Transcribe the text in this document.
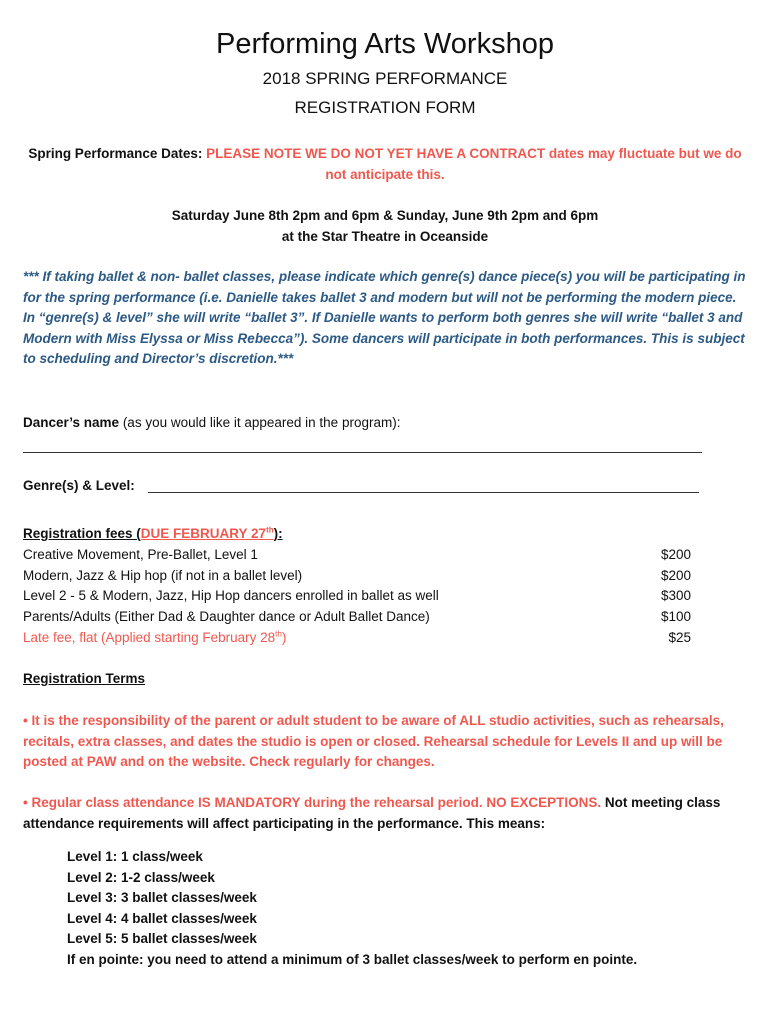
Performing Arts Workshop
2018 SPRING PERFORMANCE
REGISTRATION FORM
Spring Performance Dates: PLEASE NOTE WE DO NOT YET HAVE A CONTRACT dates may fluctuate but we do not anticipate this.
Saturday June 8th 2pm and 6pm & Sunday, June 9th 2pm and 6pm
at the Star Theatre in Oceanside
*** If taking ballet & non- ballet classes, please indicate which genre(s) dance piece(s) you will be participating in for the spring performance (i.e. Danielle takes ballet 3 and modern but will not be performing the modern piece. In “genre(s) & level” she will write “ballet 3”. If Danielle wants to perform both genres she will write “ballet 3 and Modern with Miss Elyssa or Miss Rebecca”). Some dancers will participate in both performances. This is subject to scheduling and Director’s discretion.***
Dancer’s name (as you would like it appeared in the program):
Genre(s) & Level:
Registration fees (DUE FEBRUARY 27th):
Creative Movement, Pre-Ballet, Level 1	$200
Modern, Jazz & Hip hop (if not in a ballet level)	$200
Level 2 - 5 & Modern, Jazz, Hip Hop dancers enrolled in ballet as well	$300
Parents/Adults (Either Dad & Daughter dance or Adult Ballet Dance)	$100
Late fee, flat (Applied starting February 28th)	$25
Registration Terms
• It is the responsibility of the parent or adult student to be aware of ALL studio activities, such as rehearsals, recitals, extra classes, and dates the studio is open or closed. Rehearsal schedule for Levels II and up will be posted at PAW and on the website. Check regularly for changes.
• Regular class attendance IS MANDATORY during the rehearsal period. NO EXCEPTIONS. Not meeting class attendance requirements will affect participating in the performance. This means:
Level 1: 1 class/week
Level 2: 1-2 class/week
Level 3: 3 ballet classes/week
Level 4: 4 ballet classes/week
Level 5: 5 ballet classes/week
If en pointe: you need to attend a minimum of 3 ballet classes/week to perform en pointe.
